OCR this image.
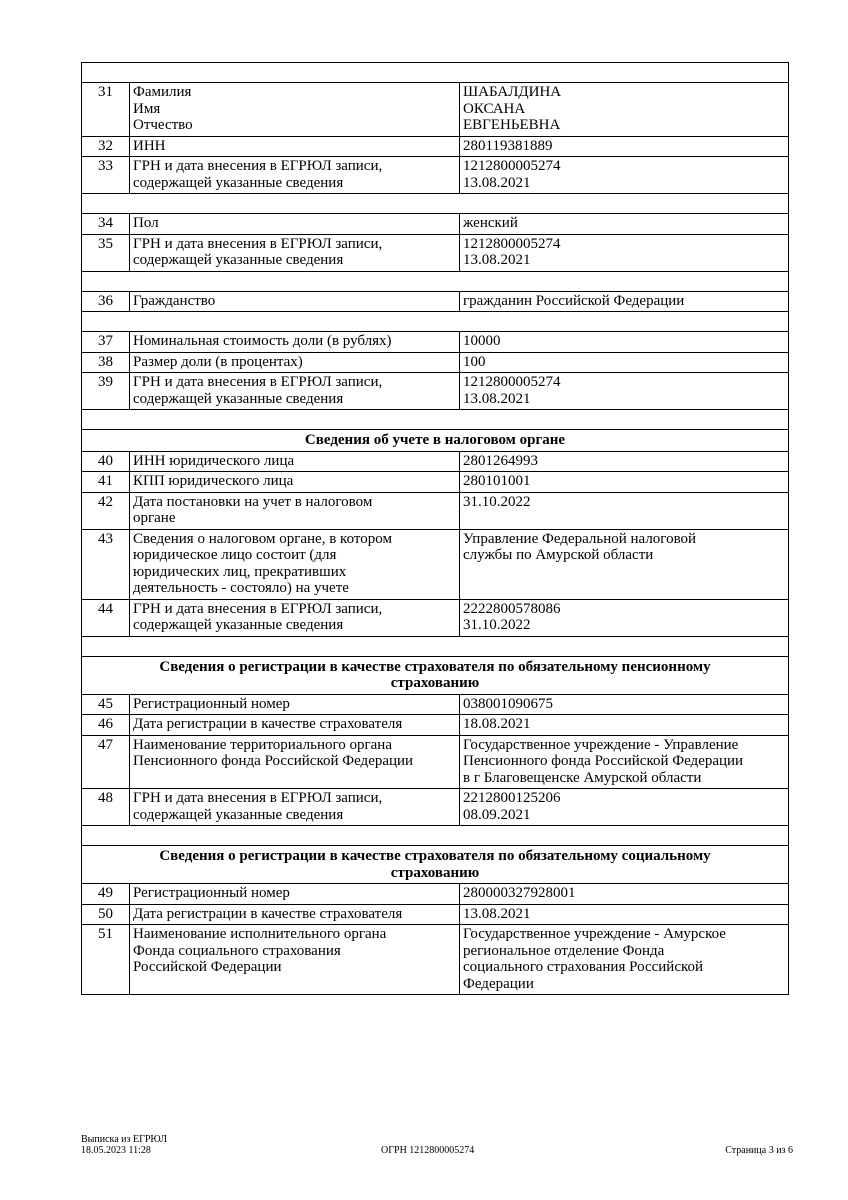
31	Фамилия
Имя
Отчество	ШАБАЛДИНА
ОКСАНА
ЕВГЕНЬЕВНА
32	ИНН	280119381889
33	ГРН и дата внесения в ЕГРЮЛ записи,
содержащей указанные сведения	1212800005274
13.08.2021

34	Пол	женский
35	ГРН и дата внесения в ЕГРЮЛ записи,
содержащей указанные сведения	1212800005274
13.08.2021

36	Гражданство	гражданин Российской Федерации

37	Номинальная стоимость доли (в рублях)	10000
38	Размер доли (в процентах)	100
39	ГРН и дата внесения в ЕГРЮЛ записи,
содержащей указанные сведения	1212800005274
13.08.2021

Сведения об учете в налоговом органе		
40	ИНН юридического лица	2801264993
41	КПП юридического лица	280101001
42	Дата постановки на учет в налоговом
органе	31.10.2022
43	Сведения о налоговом органе, в котором
юридическое лицо состоит (для
юридических лиц, прекративших
деятельность - состояло) на учете	Управление Федеральной налоговой
службы по Амурской области
44	ГРН и дата внесения в ЕГРЮЛ записи,
содержащей указанные сведения	2222800578086
31.10.2022

Сведения о регистрации в качестве страхователя по обязательному пенсионному
страхованию		
45	Регистрационный номер	038001090675
46	Дата регистрации в качестве страхователя	18.08.2021
47	Наименование территориального органа
Пенсионного фонда Российской Федерации	Государственное учреждение - Управление
Пенсионного фонда Российской Федерации
в г Благовещенске Амурской области
48	ГРН и дата внесения в ЕГРЮЛ записи,
содержащей указанные сведения	2212800125206
08.09.2021

Сведения о регистрации в качестве страхователя по обязательному социальному
страхованию		
49	Регистрационный номер	280000327928001
50	Дата регистрации в качестве страхователя	13.08.2021
51	Наименование исполнительного органа
Фонда социального страхования
Российской Федерации	Государственное учреждение - Амурское
региональное отделение Фонда
социального страхования Российской
Федерации
Выписка из ЕГРЮЛ
18.05.2023 11:28	ОГРН 1212800005274	Страница 3 из 6
